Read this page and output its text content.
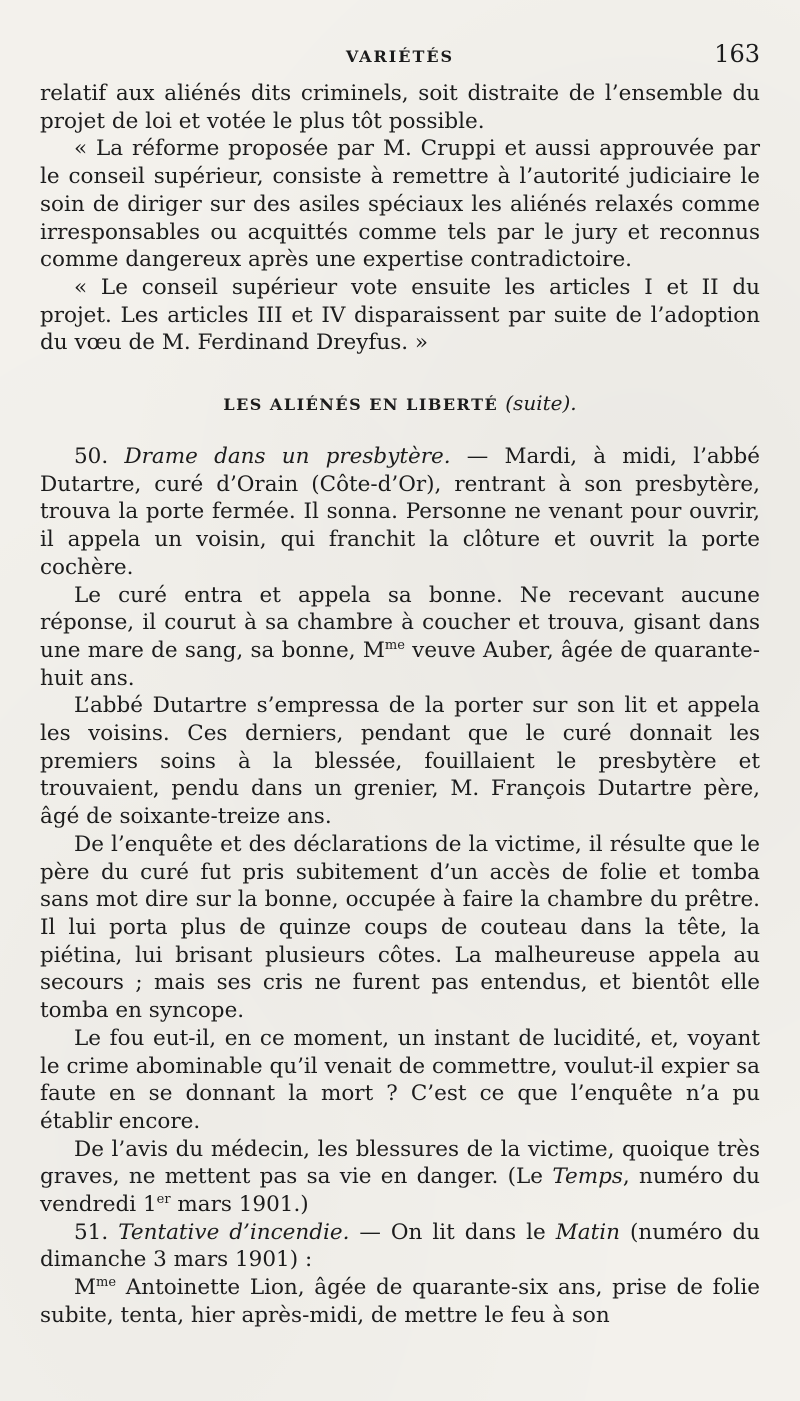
VARIÉTÉS	163

relatif aux aliénés dits criminels, soit distraite de l’ensemble du projet de loi et votée le plus tôt possible.

« La réforme proposée par M. Cruppi et aussi approuvée par le conseil supérieur, consiste à remettre à l’autorité judiciaire le soin de diriger sur des asiles spéciaux les aliénés relaxés comme irresponsables ou acquittés comme tels par le jury et reconnus comme dangereux après une expertise contradictoire.

« Le conseil supérieur vote ensuite les articles I et II du projet. Les articles III et IV disparaissent par suite de l’adoption du vœu de M. Ferdinand Dreyfus. »

LES ALIÉNÉS EN LIBERTÉ (suite).

50. Drame dans un presbytère. — Mardi, à midi, l’abbé Dutartre, curé d’Orain (Côte-d’Or), rentrant à son presbytère, trouva la porte fermée. Il sonna. Personne ne venant pour ouvrir, il appela un voisin, qui franchit la clôture et ouvrit la porte cochère.

Le curé entra et appela sa bonne. Ne recevant aucune réponse, il courut à sa chambre à coucher et trouva, gisant dans une mare de sang, sa bonne, $M^{me}$ veuve Auber, âgée de quarante-huit ans.

L’abbé Dutartre s’empressa de la porter sur son lit et appela les voisins. Ces derniers, pendant que le curé donnait les premiers soins à la blessée, fouillaient le presbytère et trouvaient, pendu dans un grenier, M. François Dutartre père, âgé de soixante-treize ans.

De l’enquête et des déclarations de la victime, il résulte que le père du curé fut pris subitement d’un accès de folie et tomba sans mot dire sur la bonne, occupée à faire la chambre du prêtre. Il lui porta plus de quinze coups de couteau dans la tête, la piétina, lui brisant plusieurs côtes. La malheureuse appela au secours ; mais ses cris ne furent pas entendus, et bientôt elle tomba en syncope.

Le fou eut-il, en ce moment, un instant de lucidité, et, voyant le crime abominable qu’il venait de commettre, voulut-il expier sa faute en se donnant la mort ? C’est ce que l’enquête n’a pu établir encore.

De l’avis du médecin, les blessures de la victime, quoique très graves, ne mettent pas sa vie en danger. (Le Temps, numéro du vendredi 1er mars 1901.)

51. Tentative d’incendie. — On lit dans le Matin (numéro du dimanche 3 mars 1901) :

$M^{me}$ Antoinette Lion, âgée de quarante-six ans, prise de folie subite, tenta, hier après-midi, de mettre le feu à son
